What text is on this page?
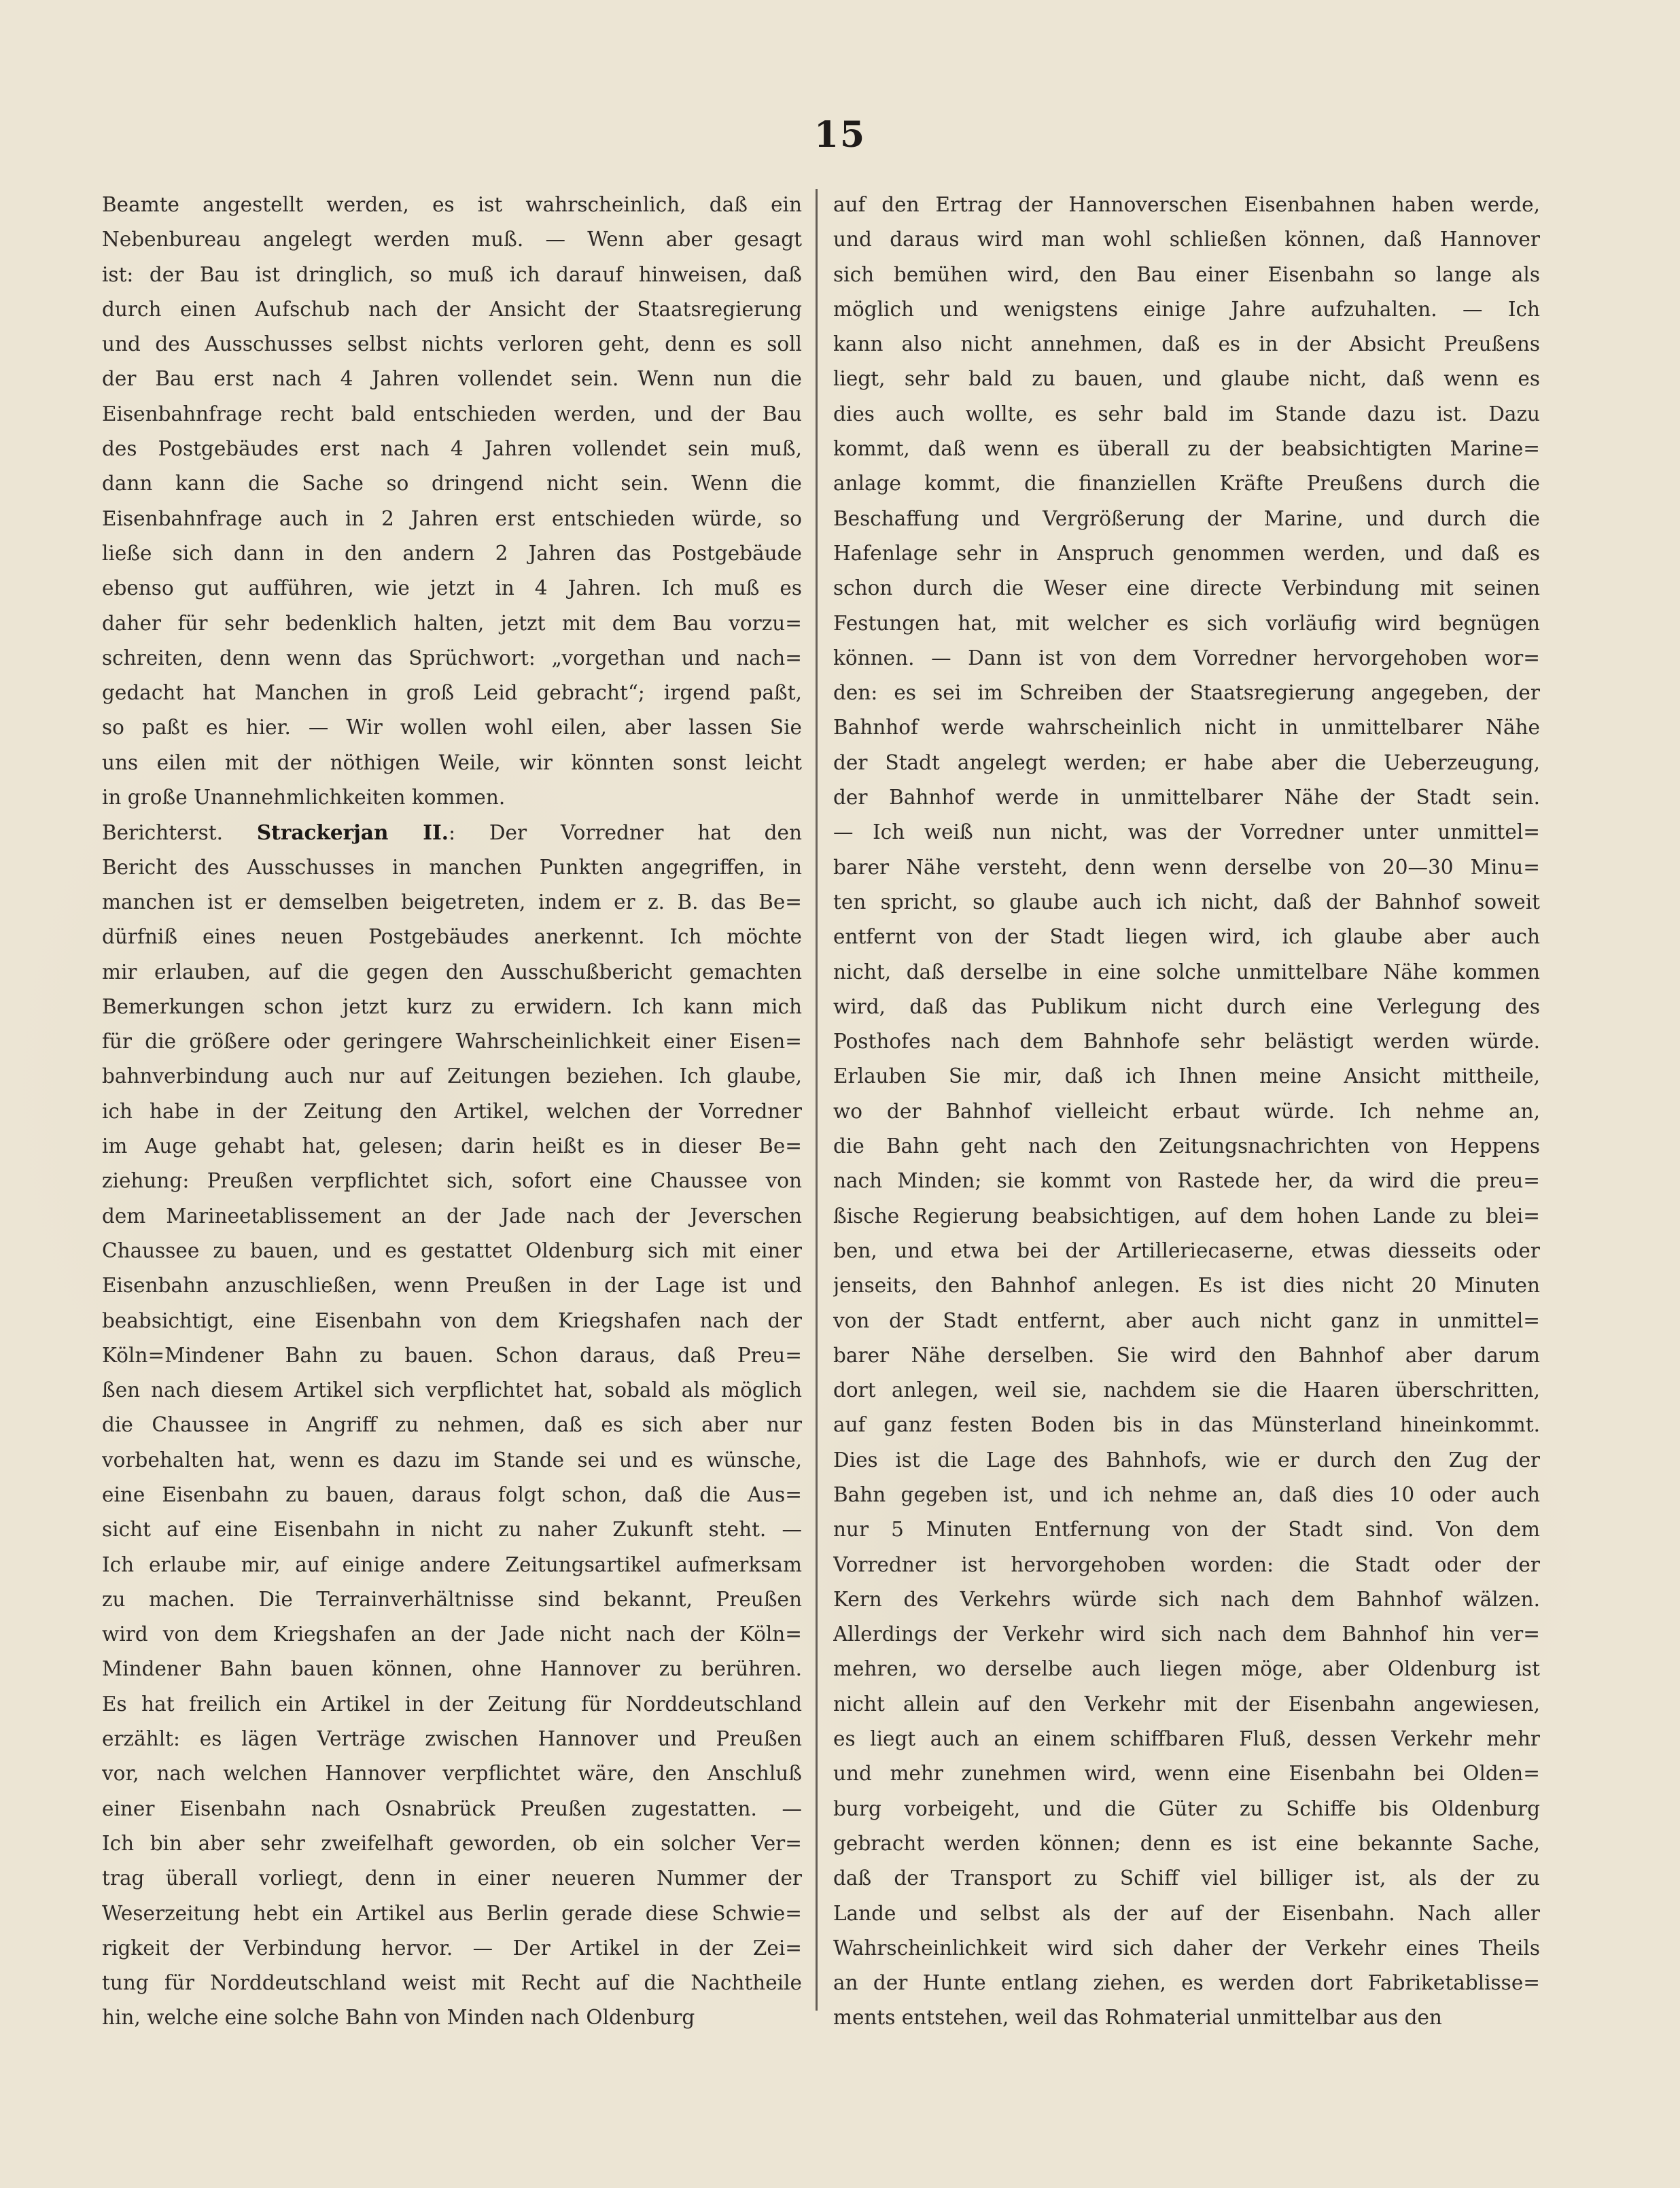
15
Beamte angestellt werden, es ist wahrscheinlich, daß ein
Nebenbureau angelegt werden muß. — Wenn aber gesagt
ist: der Bau ist dringlich, so muß ich darauf hinweisen, daß
durch einen Aufschub nach der Ansicht der Staatsregierung
und des Ausschusses selbst nichts verloren geht, denn es soll
der Bau erst nach 4 Jahren vollendet sein. Wenn nun die
Eisenbahnfrage recht bald entschieden werden, und der Bau
des Postgebäudes erst nach 4 Jahren vollendet sein muß,
dann kann die Sache so dringend nicht sein. Wenn die
Eisenbahnfrage auch in 2 Jahren erst entschieden würde, so
ließe sich dann in den andern 2 Jahren das Postgebäude
ebenso gut aufführen, wie jetzt in 4 Jahren. Ich muß es
daher für sehr bedenklich halten, jetzt mit dem Bau vorzu=
schreiten, denn wenn das Sprüchwort: „vorgethan und nach=
gedacht hat Manchen in groß Leid gebracht“; irgend paßt,
so paßt es hier. — Wir wollen wohl eilen, aber lassen Sie
uns eilen mit der nöthigen Weile, wir könnten sonst leicht
in große Unannehmlichkeiten kommen.
Berichterst. Strackerjan II.: Der Vorredner hat den
Bericht des Ausschusses in manchen Punkten angegriffen, in
manchen ist er demselben beigetreten, indem er z. B. das Be=
dürfniß eines neuen Postgebäudes anerkennt. Ich möchte
mir erlauben, auf die gegen den Ausschußbericht gemachten
Bemerkungen schon jetzt kurz zu erwidern. Ich kann mich
für die größere oder geringere Wahrscheinlichkeit einer Eisen=
bahnverbindung auch nur auf Zeitungen beziehen. Ich glaube,
ich habe in der Zeitung den Artikel, welchen der Vorredner
im Auge gehabt hat, gelesen; darin heißt es in dieser Be=
ziehung: Preußen verpflichtet sich, sofort eine Chaussee von
dem Marineetablissement an der Jade nach der Jeverschen
Chaussee zu bauen, und es gestattet Oldenburg sich mit einer
Eisenbahn anzuschließen, wenn Preußen in der Lage ist und
beabsichtigt, eine Eisenbahn von dem Kriegshafen nach der
Köln=Mindener Bahn zu bauen. Schon daraus, daß Preu=
ßen nach diesem Artikel sich verpflichtet hat, sobald als möglich
die Chaussee in Angriff zu nehmen, daß es sich aber nur
vorbehalten hat, wenn es dazu im Stande sei und es wünsche,
eine Eisenbahn zu bauen, daraus folgt schon, daß die Aus=
sicht auf eine Eisenbahn in nicht zu naher Zukunft steht. —
Ich erlaube mir, auf einige andere Zeitungsartikel aufmerksam
zu machen. Die Terrainverhältnisse sind bekannt, Preußen
wird von dem Kriegshafen an der Jade nicht nach der Köln=
Mindener Bahn bauen können, ohne Hannover zu berühren.
Es hat freilich ein Artikel in der Zeitung für Norddeutschland
erzählt: es lägen Verträge zwischen Hannover und Preußen
vor, nach welchen Hannover verpflichtet wäre, den Anschluß
einer Eisenbahn nach Osnabrück Preußen zugestatten. —
Ich bin aber sehr zweifelhaft geworden, ob ein solcher Ver=
trag überall vorliegt, denn in einer neueren Nummer der
Weserzeitung hebt ein Artikel aus Berlin gerade diese Schwie=
rigkeit der Verbindung hervor. — Der Artikel in der Zei=
tung für Norddeutschland weist mit Recht auf die Nachtheile
hin, welche eine solche Bahn von Minden nach Oldenburg
auf den Ertrag der Hannoverschen Eisenbahnen haben werde,
und daraus wird man wohl schließen können, daß Hannover
sich bemühen wird, den Bau einer Eisenbahn so lange als
möglich und wenigstens einige Jahre aufzuhalten. — Ich
kann also nicht annehmen, daß es in der Absicht Preußens
liegt, sehr bald zu bauen, und glaube nicht, daß wenn es
dies auch wollte, es sehr bald im Stande dazu ist. Dazu
kommt, daß wenn es überall zu der beabsichtigten Marine=
anlage kommt, die finanziellen Kräfte Preußens durch die
Beschaffung und Vergrößerung der Marine, und durch die
Hafenlage sehr in Anspruch genommen werden, und daß es
schon durch die Weser eine directe Verbindung mit seinen
Festungen hat, mit welcher es sich vorläufig wird begnügen
können. — Dann ist von dem Vorredner hervorgehoben wor=
den: es sei im Schreiben der Staatsregierung angegeben, der
Bahnhof werde wahrscheinlich nicht in unmittelbarer Nähe
der Stadt angelegt werden; er habe aber die Ueberzeugung,
der Bahnhof werde in unmittelbarer Nähe der Stadt sein.
— Ich weiß nun nicht, was der Vorredner unter unmittel=
barer Nähe versteht, denn wenn derselbe von 20—30 Minu=
ten spricht, so glaube auch ich nicht, daß der Bahnhof soweit
entfernt von der Stadt liegen wird, ich glaube aber auch
nicht, daß derselbe in eine solche unmittelbare Nähe kommen
wird, daß das Publikum nicht durch eine Verlegung des
Posthofes nach dem Bahnhofe sehr belästigt werden würde.
Erlauben Sie mir, daß ich Ihnen meine Ansicht mittheile,
wo der Bahnhof vielleicht erbaut würde. Ich nehme an,
die Bahn geht nach den Zeitungsnachrichten von Heppens
nach Minden; sie kommt von Rastede her, da wird die preu=
ßische Regierung beabsichtigen, auf dem hohen Lande zu blei=
ben, und etwa bei der Artilleriecaserne, etwas diesseits oder
jenseits, den Bahnhof anlegen. Es ist dies nicht 20 Minuten
von der Stadt entfernt, aber auch nicht ganz in unmittel=
barer Nähe derselben. Sie wird den Bahnhof aber darum
dort anlegen, weil sie, nachdem sie die Haaren überschritten,
auf ganz festen Boden bis in das Münsterland hineinkommt.
Dies ist die Lage des Bahnhofs, wie er durch den Zug der
Bahn gegeben ist, und ich nehme an, daß dies 10 oder auch
nur 5 Minuten Entfernung von der Stadt sind. Von dem
Vorredner ist hervorgehoben worden: die Stadt oder der
Kern des Verkehrs würde sich nach dem Bahnhof wälzen.
Allerdings der Verkehr wird sich nach dem Bahnhof hin ver=
mehren, wo derselbe auch liegen möge, aber Oldenburg ist
nicht allein auf den Verkehr mit der Eisenbahn angewiesen,
es liegt auch an einem schiffbaren Fluß, dessen Verkehr mehr
und mehr zunehmen wird, wenn eine Eisenbahn bei Olden=
burg vorbeigeht, und die Güter zu Schiffe bis Oldenburg
gebracht werden können; denn es ist eine bekannte Sache,
daß der Transport zu Schiff viel billiger ist, als der zu
Lande und selbst als der auf der Eisenbahn. Nach aller
Wahrscheinlichkeit wird sich daher der Verkehr eines Theils
an der Hunte entlang ziehen, es werden dort Fabriketablisse=
ments entstehen, weil das Rohmaterial unmittelbar aus den
